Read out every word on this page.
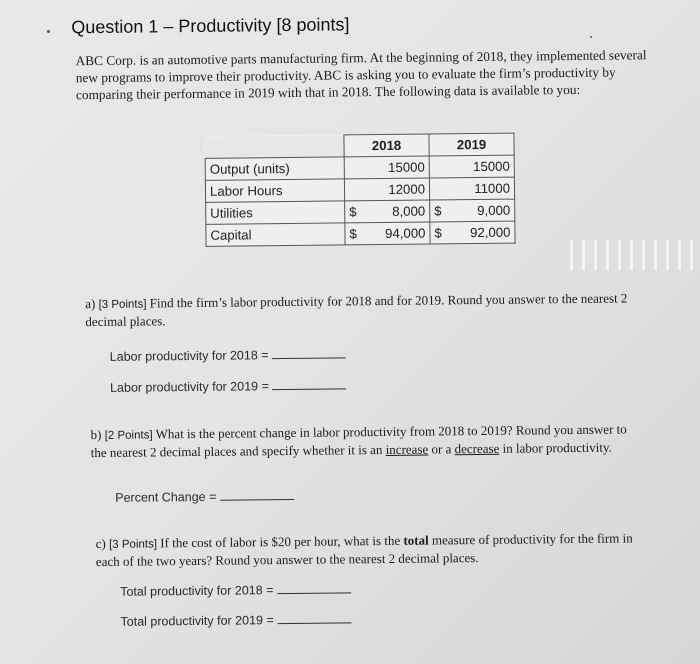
Question 1 – Productivity [8 points]
ABC Corp. is an automotive parts manufacturing firm. At the beginning of 2018, they implemented several new programs to improve their productivity. ABC is asking you to evaluate the firm’s productivity by comparing their performance in 2019 with that in 2018. The following data is available to you:
	2018	2019
Output (units)	15000	15000
Labor Hours	12000	11000
Utilities	$ 8,000	$ 9,000

Capital	$ 94,000	$ 92,000
a) [3 Points] Find the firm’s labor productivity for 2018 and for 2019. Round you answer to the nearest 2 decimal places.
Labor productivity for 2018 =
Labor productivity for 2019 =
b) [2 Points] What is the percent change in labor productivity from 2018 to 2019? Round you answer to the nearest 2 decimal places and specify whether it is an increase or a decrease in labor productivity.
Percent Change =
c) [3 Points] If the cost of labor is $20 per hour, what is the total measure of productivity for the firm in each of the two years? Round you answer to the nearest 2 decimal places.
Total productivity for 2018 =
Total productivity for 2019 =
